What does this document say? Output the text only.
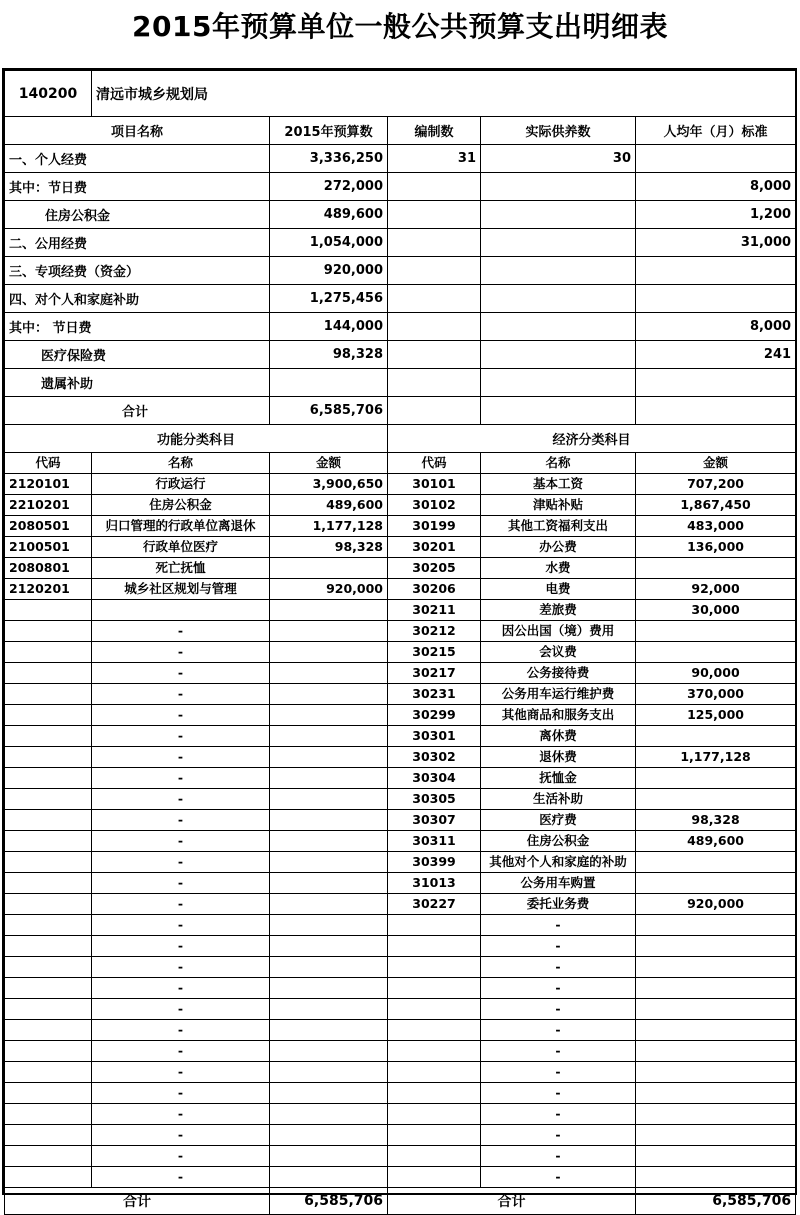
2015年预算单位一般公共预算支出明细表
140200	清远市城乡规划局				
项目名称		2015年预算数	编制数	实际供养数	人均年（月）标准
一、个人经费		3,336,250	31	30	
其中：节日费		272,000			8,000
住房公积金		489,600			1,200
二、公用经费		1,054,000			31,000
三、专项经费（资金）		920,000			
四、对个人和家庭补助		1,275,456			
其中： 节日费		144,000			8,000
医疗保险费		98,328			241
遗属补助					
合计		6,585,706			
功能分类科目			经济分类科目		
代码	名称	金额	代码	名称	金额
2120101	行政运行	3,900,650	30101	基本工资	707,200
2210201	住房公积金	489,600	30102	津贴补贴	1,867,450
2080501	归口管理的行政单位离退休	1,177,128	30199	其他工资福利支出	483,000
2100501	行政单位医疗	98,328	30201	办公费	136,000
2080801	死亡抚恤		30205	水费	
2120201	城乡社区规划与管理	920,000	30206	电费	92,000
			30211	差旅费	30,000
	-		30212	因公出国（境）费用	
	-		30215	会议费	
	-		30217	公务接待费	90,000
	-		30231	公务用车运行维护费	370,000
	-		30299	其他商品和服务支出	125,000
	-		30301	离休费	
	-		30302	退休费	1,177,128
	-		30304	抚恤金	
	-		30305	生活补助	
	-		30307	医疗费	98,328
	-		30311	住房公积金	489,600
	-		30399	其他对个人和家庭的补助	
	-		31013	公务用车购置	
	-		30227	委托业务费	920,000
	-			-	
	-			-	
	-			-	
	-			-	
	-			-	
	-			-	
	-			-	
	-			-	
	-			-	
	-			-	
	-			-	
	-			-	
	-			-	
合计		6,585,706	合计		6,585,706
